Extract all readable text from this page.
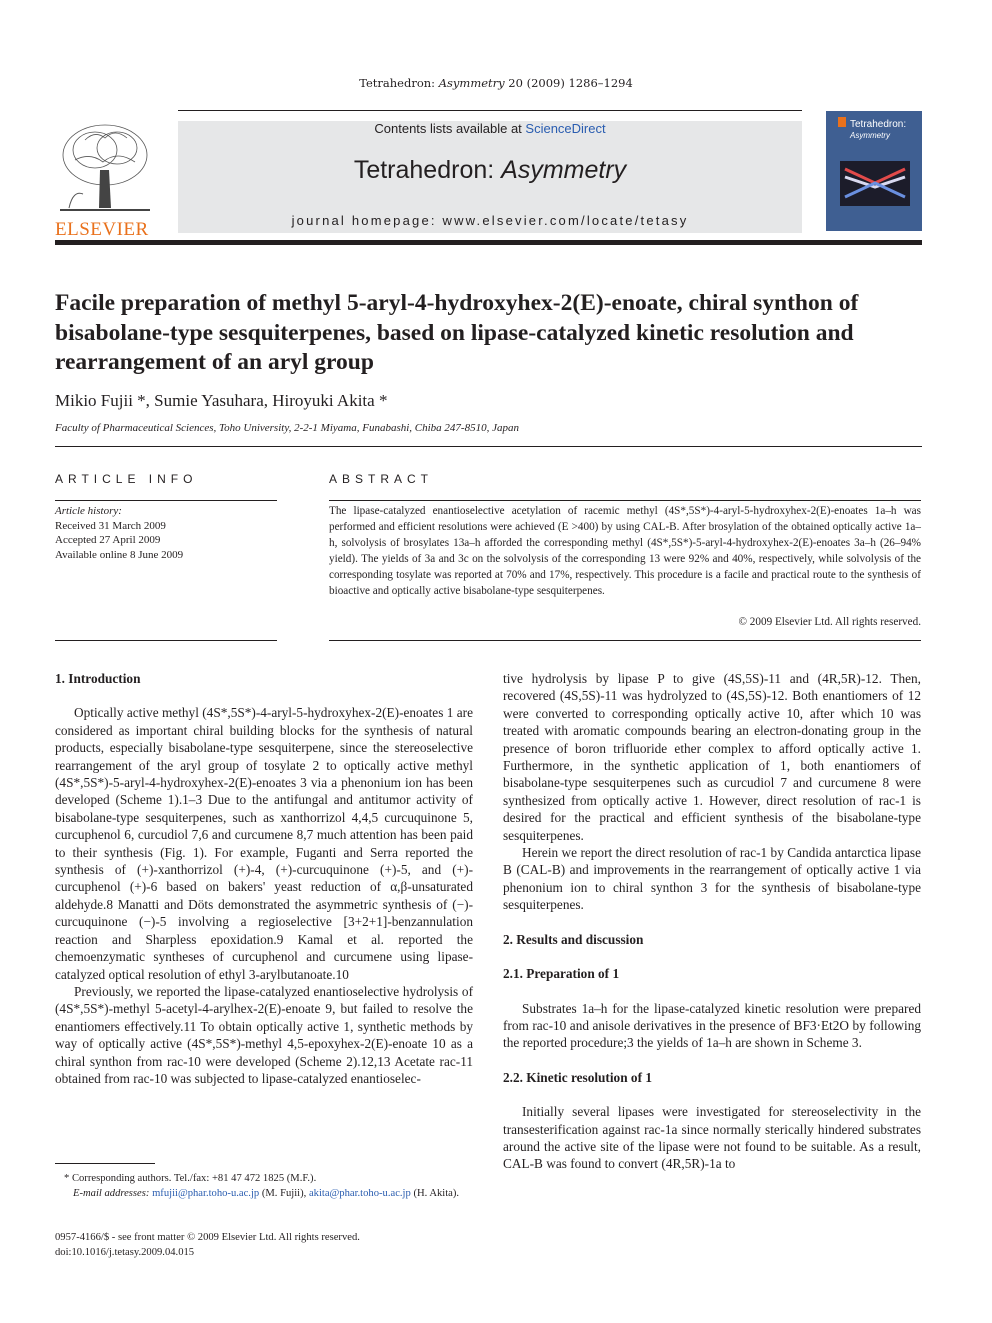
Tetrahedron: Asymmetry 20 (2009) 1286–1294
ELSEVIER
Contents lists available at ScienceDirect
Tetrahedron: Asymmetry
journal homepage: www.elsevier.com/locate/tetasy
Tetrahedron:
Asymmetry
Facile preparation of methyl 5-aryl-4-hydroxyhex-2(E)-enoate, chiral synthon of bisabolane-type sesquiterpenes, based on lipase-catalyzed kinetic resolution and rearrangement of an aryl group
Mikio Fujii *, Sumie Yasuhara, Hiroyuki Akita *
Faculty of Pharmaceutical Sciences, Toho University, 2-2-1 Miyama, Funabashi, Chiba 247-8510, Japan
ARTICLE INFO
Article history:
Received 31 March 2009
Accepted 27 April 2009
Available online 8 June 2009
ABSTRACT
The lipase-catalyzed enantioselective acetylation of racemic methyl (4S*,5S*)-4-aryl-5-hydroxyhex-2(E)-enoates 1a–h was performed and efficient resolutions were achieved (E >400) by using CAL-B. After brosylation of the obtained optically active 1a–h, solvolysis of brosylates 13a–h afforded the corresponding methyl (4S*,5S*)-5-aryl-4-hydroxyhex-2(E)-enoates 3a–h (26–94% yield). The yields of 3a and 3c on the solvolysis of the corresponding 13 were 92% and 40%, respectively, while solvolysis of the corresponding tosylate was reported at 70% and 17%, respectively. This procedure is a facile and practical route to the synthesis of bioactive and optically active bisabolane-type sesquiterpenes.
© 2009 Elsevier Ltd. All rights reserved.
1. Introduction

Optically active methyl (4S*,5S*)-4-aryl-5-hydroxyhex-2(E)-enoates 1 are considered as important chiral building blocks for the synthesis of natural products, especially bisabolane-type sesquiterpene, since the stereoselective rearrangement of the aryl group of tosylate 2 to optically active methyl (4S*,5S*)-5-aryl-4-hydroxyhex-2(E)-enoates 3 via a phenonium ion has been developed (Scheme 1).1–3 Due to the antifungal and antitumor activity of bisabolane-type sesquiterpenes, such as xanthorrizol 4,4,5 curcuquinone 5, curcuphenol 6, curcudiol 7,6 and curcumene 8,7 much attention has been paid to their synthesis (Fig. 1). For example, Fuganti and Serra reported the synthesis of (+)-xanthorrizol (+)-4, (+)-curcuquinone (+)-5, and (+)-curcuphenol (+)-6 based on bakers' yeast reduction of α,β-unsaturated aldehyde.8 Manatti and Döts demonstrated the asymmetric synthesis of (−)-curcuquinone (−)-5 involving a regioselective [3+2+1]-benzannulation reaction and Sharpless epoxidation.9 Kamal et al. reported the chemoenzymatic syntheses of curcuphenol and curcumene using lipase-catalyzed optical resolution of ethyl 3-arylbutanoate.10

Previously, we reported the lipase-catalyzed enantioselective hydrolysis of (4S*,5S*)-methyl 5-acetyl-4-arylhex-2(E)-enoate 9, but failed to resolve the enantiomers effectively.11 To obtain optically active 1, synthetic methods by way of optically active (4S*,5S*)-methyl 4,5-epoxyhex-2(E)-enoate 10 as a chiral synthon from rac-10 were developed (Scheme 2).12,13 Acetate rac-11 obtained from rac-10 was subjected to lipase-catalyzed enantioselec-

tive hydrolysis by lipase P to give (4S,5S)-11 and (4R,5R)-12. Then, recovered (4S,5S)-11 was hydrolyzed to (4S,5S)-12. Both enantiomers of 12 were converted to corresponding optically active 10, after which 10 was treated with aromatic compounds bearing an electron-donating group in the presence of boron trifluoride ether complex to afford optically active 1. Furthermore, in the synthetic application of 1, both enantiomers of bisabolane-type sesquiterpenes such as curcudiol 7 and curcumene 8 were synthesized from optically active 1. However, direct resolution of rac-1 is desired for the practical and efficient synthesis of the bisabolane-type sesquiterpenes.

Herein we report the direct resolution of rac-1 by Candida antarctica lipase B (CAL-B) and improvements in the rearrangement of optically active 1 via phenonium ion to chiral synthon 3 for the synthesis of bisabolane-type sesquiterpenes.

2. Results and discussion
2.1. Preparation of 1

Substrates 1a–h for the lipase-catalyzed kinetic resolution were prepared from rac-10 and anisole derivatives in the presence of BF3·Et2O by following the reported procedure;3 the yields of 1a–h are shown in Scheme 3.

2.2. Kinetic resolution of 1

Initially several lipases were investigated for stereoselectivity in the transesterification against rac-1a since normally sterically hindered substrates around the active site of the lipase were not found to be suitable. As a result, CAL-B was found to convert (4R,5R)-1a to

* Corresponding authors. Tel./fax: +81 47 472 1825 (M.F.).
E-mail addresses: mfujii@phar.toho-u.ac.jp (M. Fujii), akita@phar.toho-u.ac.jp (H. Akita).
0957-4166/$ - see front matter © 2009 Elsevier Ltd. All rights reserved.
doi:10.1016/j.tetasy.2009.04.015
